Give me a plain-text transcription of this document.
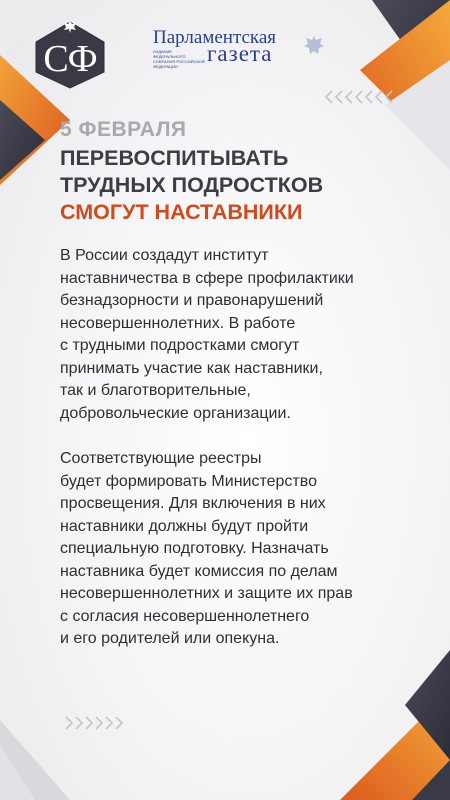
СФ
Парламентская
ИЗДАНИЕ ФЕДЕРАЛЬНОГО СОБРАНИЯ РОССИЙСКОЙ ФЕДЕРАЦИИ
газета
5 ФЕВРАЛЯ
ПЕРЕВОСПИТЫВАТЬ
ТРУДНЫХ ПОДРОСТКОВ
СМОГУТ НАСТАВНИКИ
В России создадут институт
наставничества в сфере профилактики
безнадзорности и правонарушений
несовершеннолетних. В работе
с трудными подростками смогут
принимать участие как наставники,
так и благотворительные,
добровольческие организации.
Соответствующие реестры
будет формировать Министерство
просвещения. Для включения в них
наставники должны будут пройти
специальную подготовку. Назначать
наставника будет комиссия по делам
несовершеннолетних и защите их прав
с согласия несовершеннолетнего
и его родителей или опекуна.
